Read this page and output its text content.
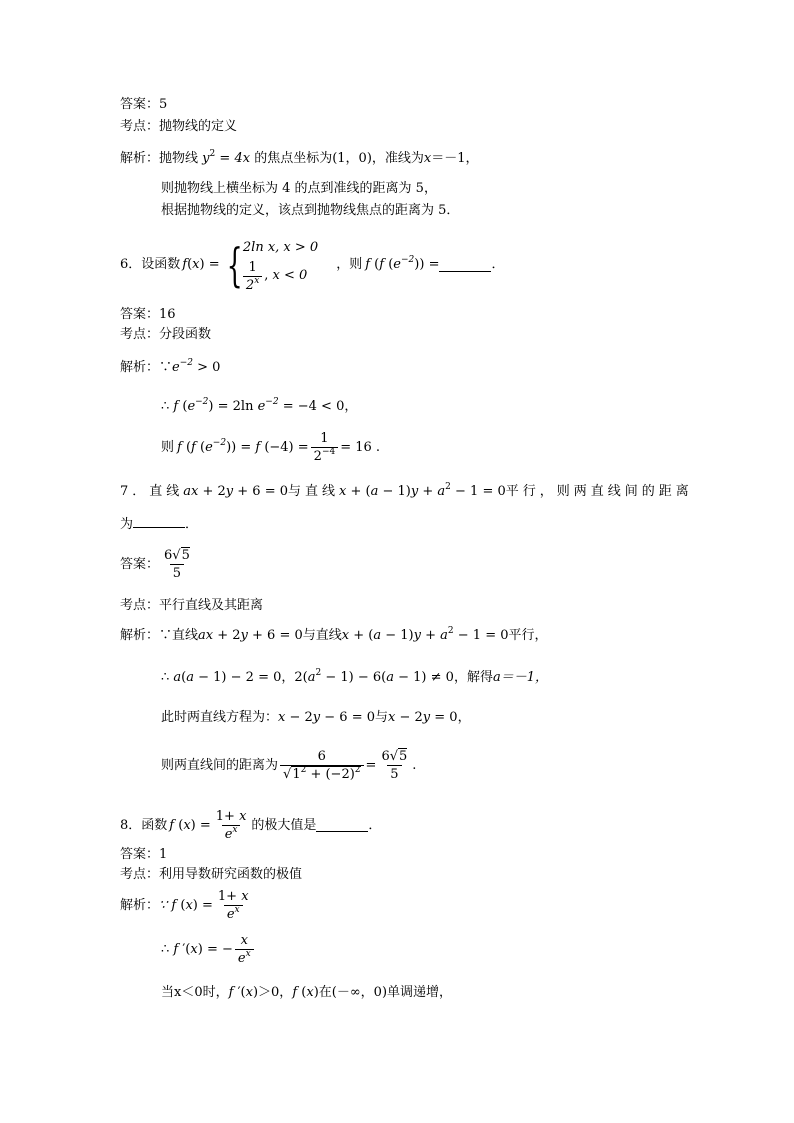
答案：5
考点：抛物线的定义
解析：抛物线 $y^2 = 4x$ 的焦点坐标为(1，0)，准线为x＝－1，
则抛物线上横坐标为 4 的点到准线的距离为 5，
根据抛物线的定义，该点到抛物线焦点的距离为 5．
6．设函数 f ( x ) = { 2ln x, x > 0
$\frac{1}{2^x}$ , x < 0
，则 f (f $(e^{-2})$) =	．
答案：16
考点：分段函数
解析：$\because e^{-2} > 0$
∴ f $(e^{-2}) = 2\ln$ $e^{-2} = -4 < 0$，
则 f (f $(e^{-2})) = f$ $(-4) = \frac{1}{2^{-4}} = 16$ .
7．直线ax + 2y + 6 = 0与直线$x + (a - 1)y + a^2 - 1 = 0$平行，则两直线间的距离
为	．
答案： $\frac{6√5}{5}$
考点：平行直线及其距离
解析：∵直线ax + 2y + 6 = 0与直线$x + (a - 1)y + a^2 - 1 = 0$平行，
∴ a(a − 1) − 2 = 0，$2(a^2 - 1) - 6(a - 1) \ne 0$，解得a＝－1，
此时两直线方程为：x − 2y − 6 = 0与x − 2y = 0，
则两直线间的距离为 $\frac{6}{√1^2 + (-2)^2} = \frac{6√5}{5}$ .
8．函数 f $(x) = \frac{1+ x}{e^x}$ 的极大值是	．
答案：1
考点：利用导数研究函数的极值
解析： ∵ f $(x) = \frac{1+ x}{e^x}$
∴ f ′(x) = − $\frac{x}{e^x}$
当x＜0时，f ′(x)＞0，f (x)在(－∞，0)单调递增，
